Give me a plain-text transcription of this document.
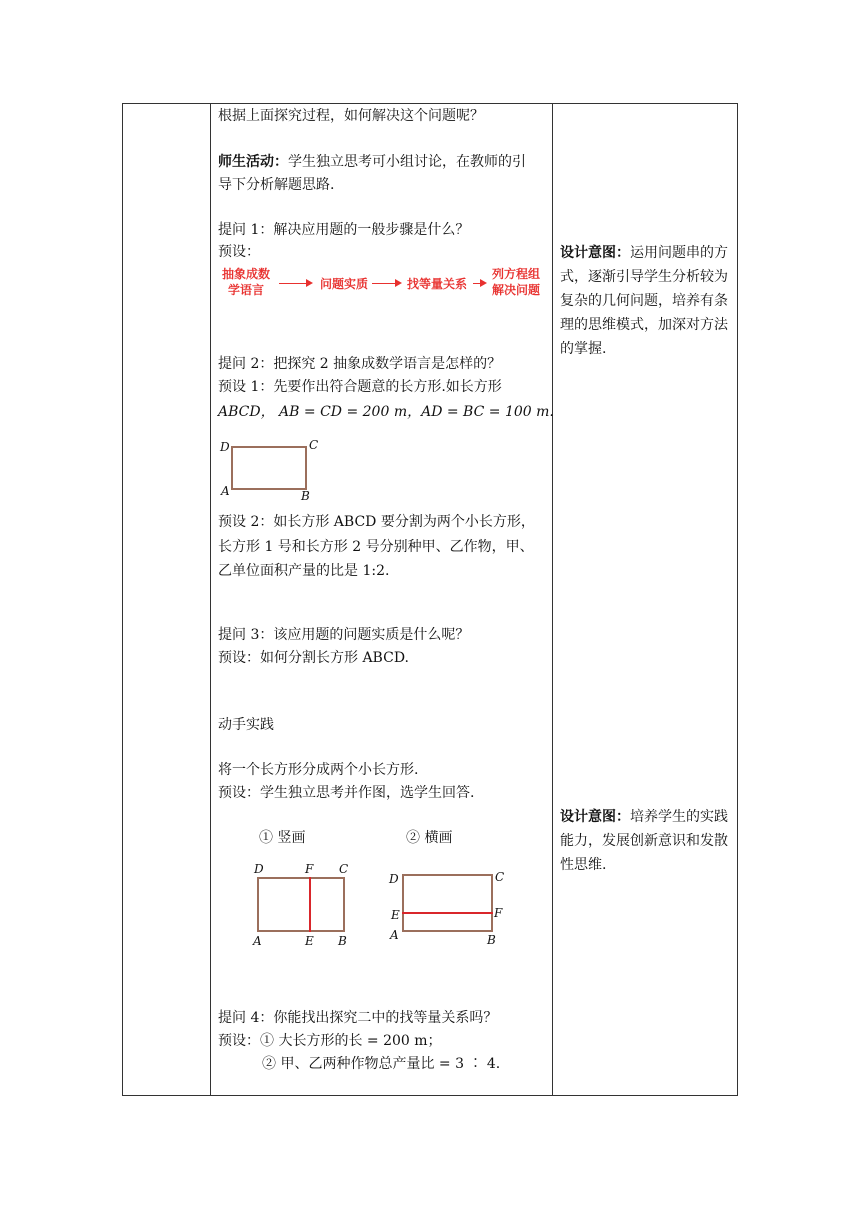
根据上面探究过程，如何解决这个问题呢？
师生活动：学生独立思考可小组讨论，在教师的引
导下分析解题思路.
提问 1：解决应用题的一般步骤是什么？
预设：
抽象成数
学语言	问题实质	找等量关系
列方程组
解决问题
提问 2：把探究 2 抽象成数学语言是怎样的？
预设 1：先要作出符合题意的长方形.如长方形
ABCD， AB = CD = 200 m，AD = BC = 100 m.
D	C
A	B
预设 2：如长方形 ABCD 要分割为两个小长方形，
长方形 1 号和长方形 2 号分别种甲、乙作物，甲、
乙单位面积产量的比是 1:2.
提问 3：该应用题的问题实质是什么呢？
预设：如何分割长方形 ABCD.
动手实践
将一个长方形分成两个小长方形.
预设：学生独立思考并作图，选学生回答.
① 竖画	② 横画
D	F C
A	E B
D	C
E	F
A	B
提问 4：你能找出探究二中的找等量关系吗？
预设：① 大长方形的长 = 200 m；
② 甲、乙两种作物总产量比 = 3 ∶ 4.
设计意图：运用问题串的方式，逐渐引导学生分析较为复杂的几何问题，培养有条理的思维模式，加深对方法的掌握.
设计意图：培养学生的实践能力，发展创新意识和发散性思维.
